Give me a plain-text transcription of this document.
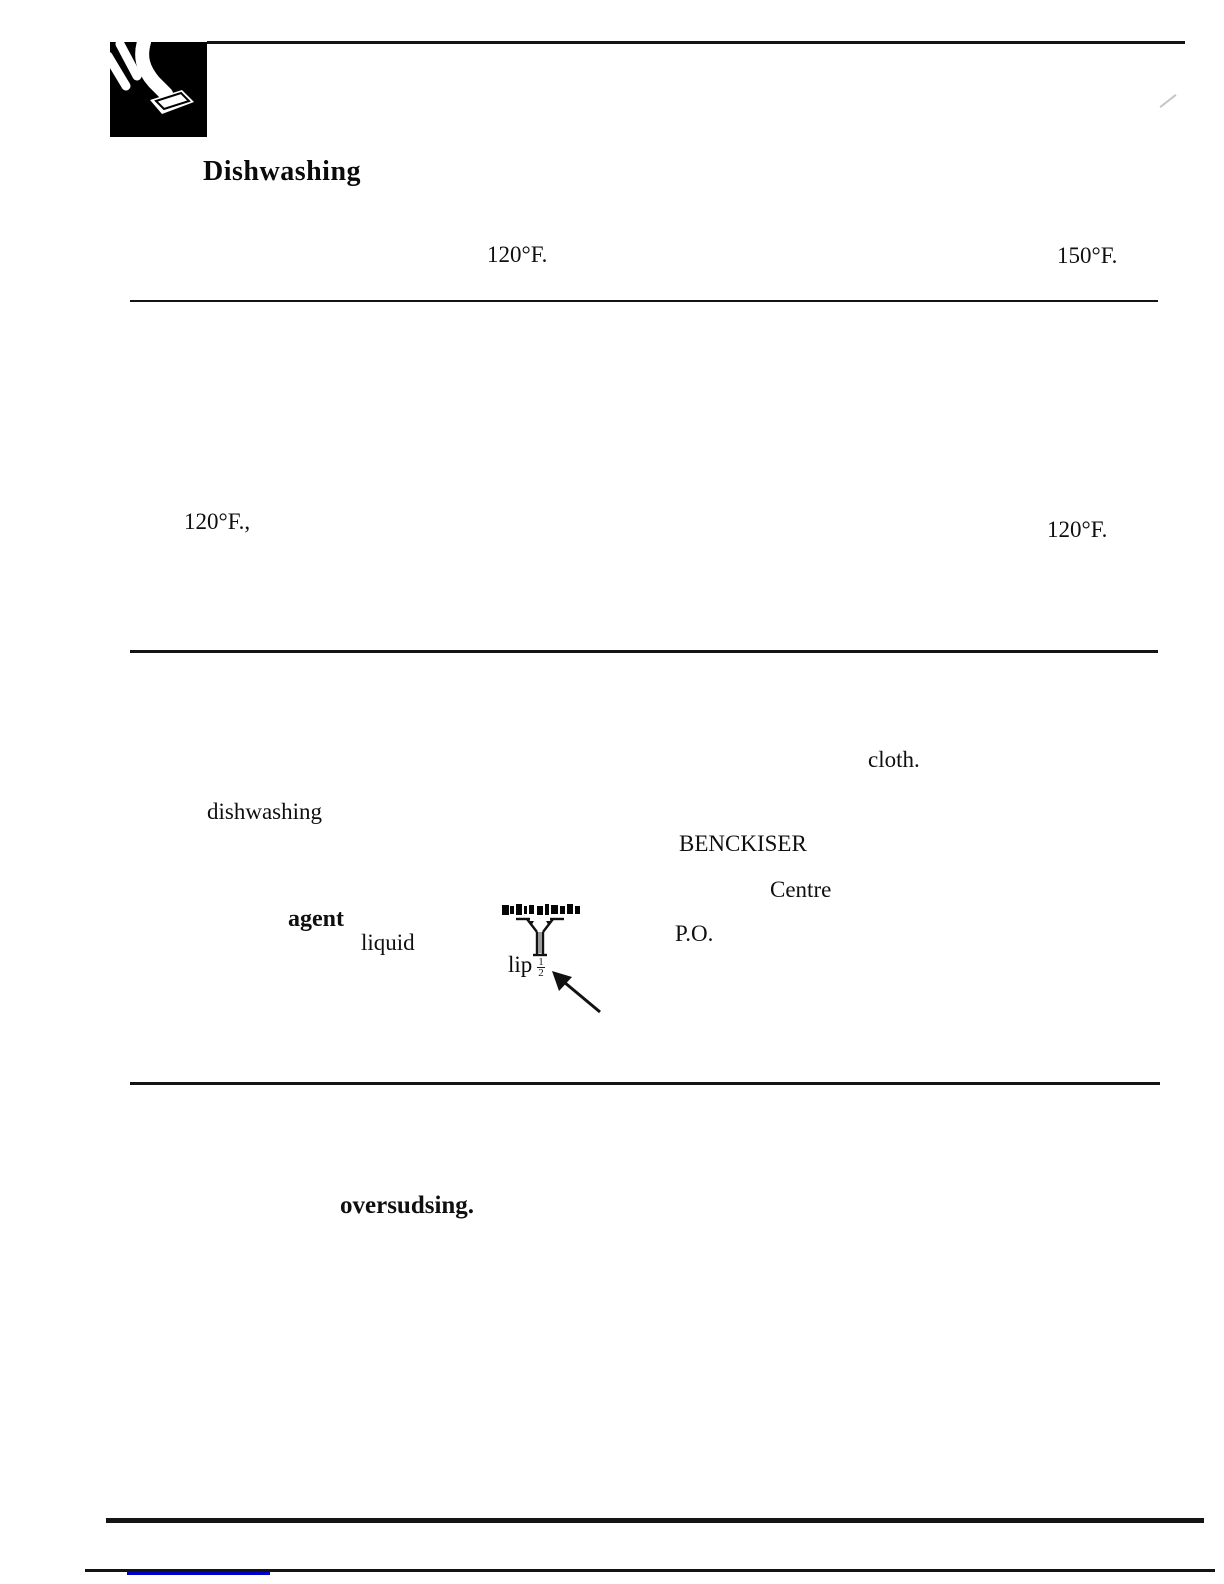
Dishwashing
120°F.	150°F.
120°F.,	120°F.
cloth.
dishwashing
BENCKISER
Centre
agent
liquid	P.O.
lip $\frac{1}{2}$
oversudsing.
